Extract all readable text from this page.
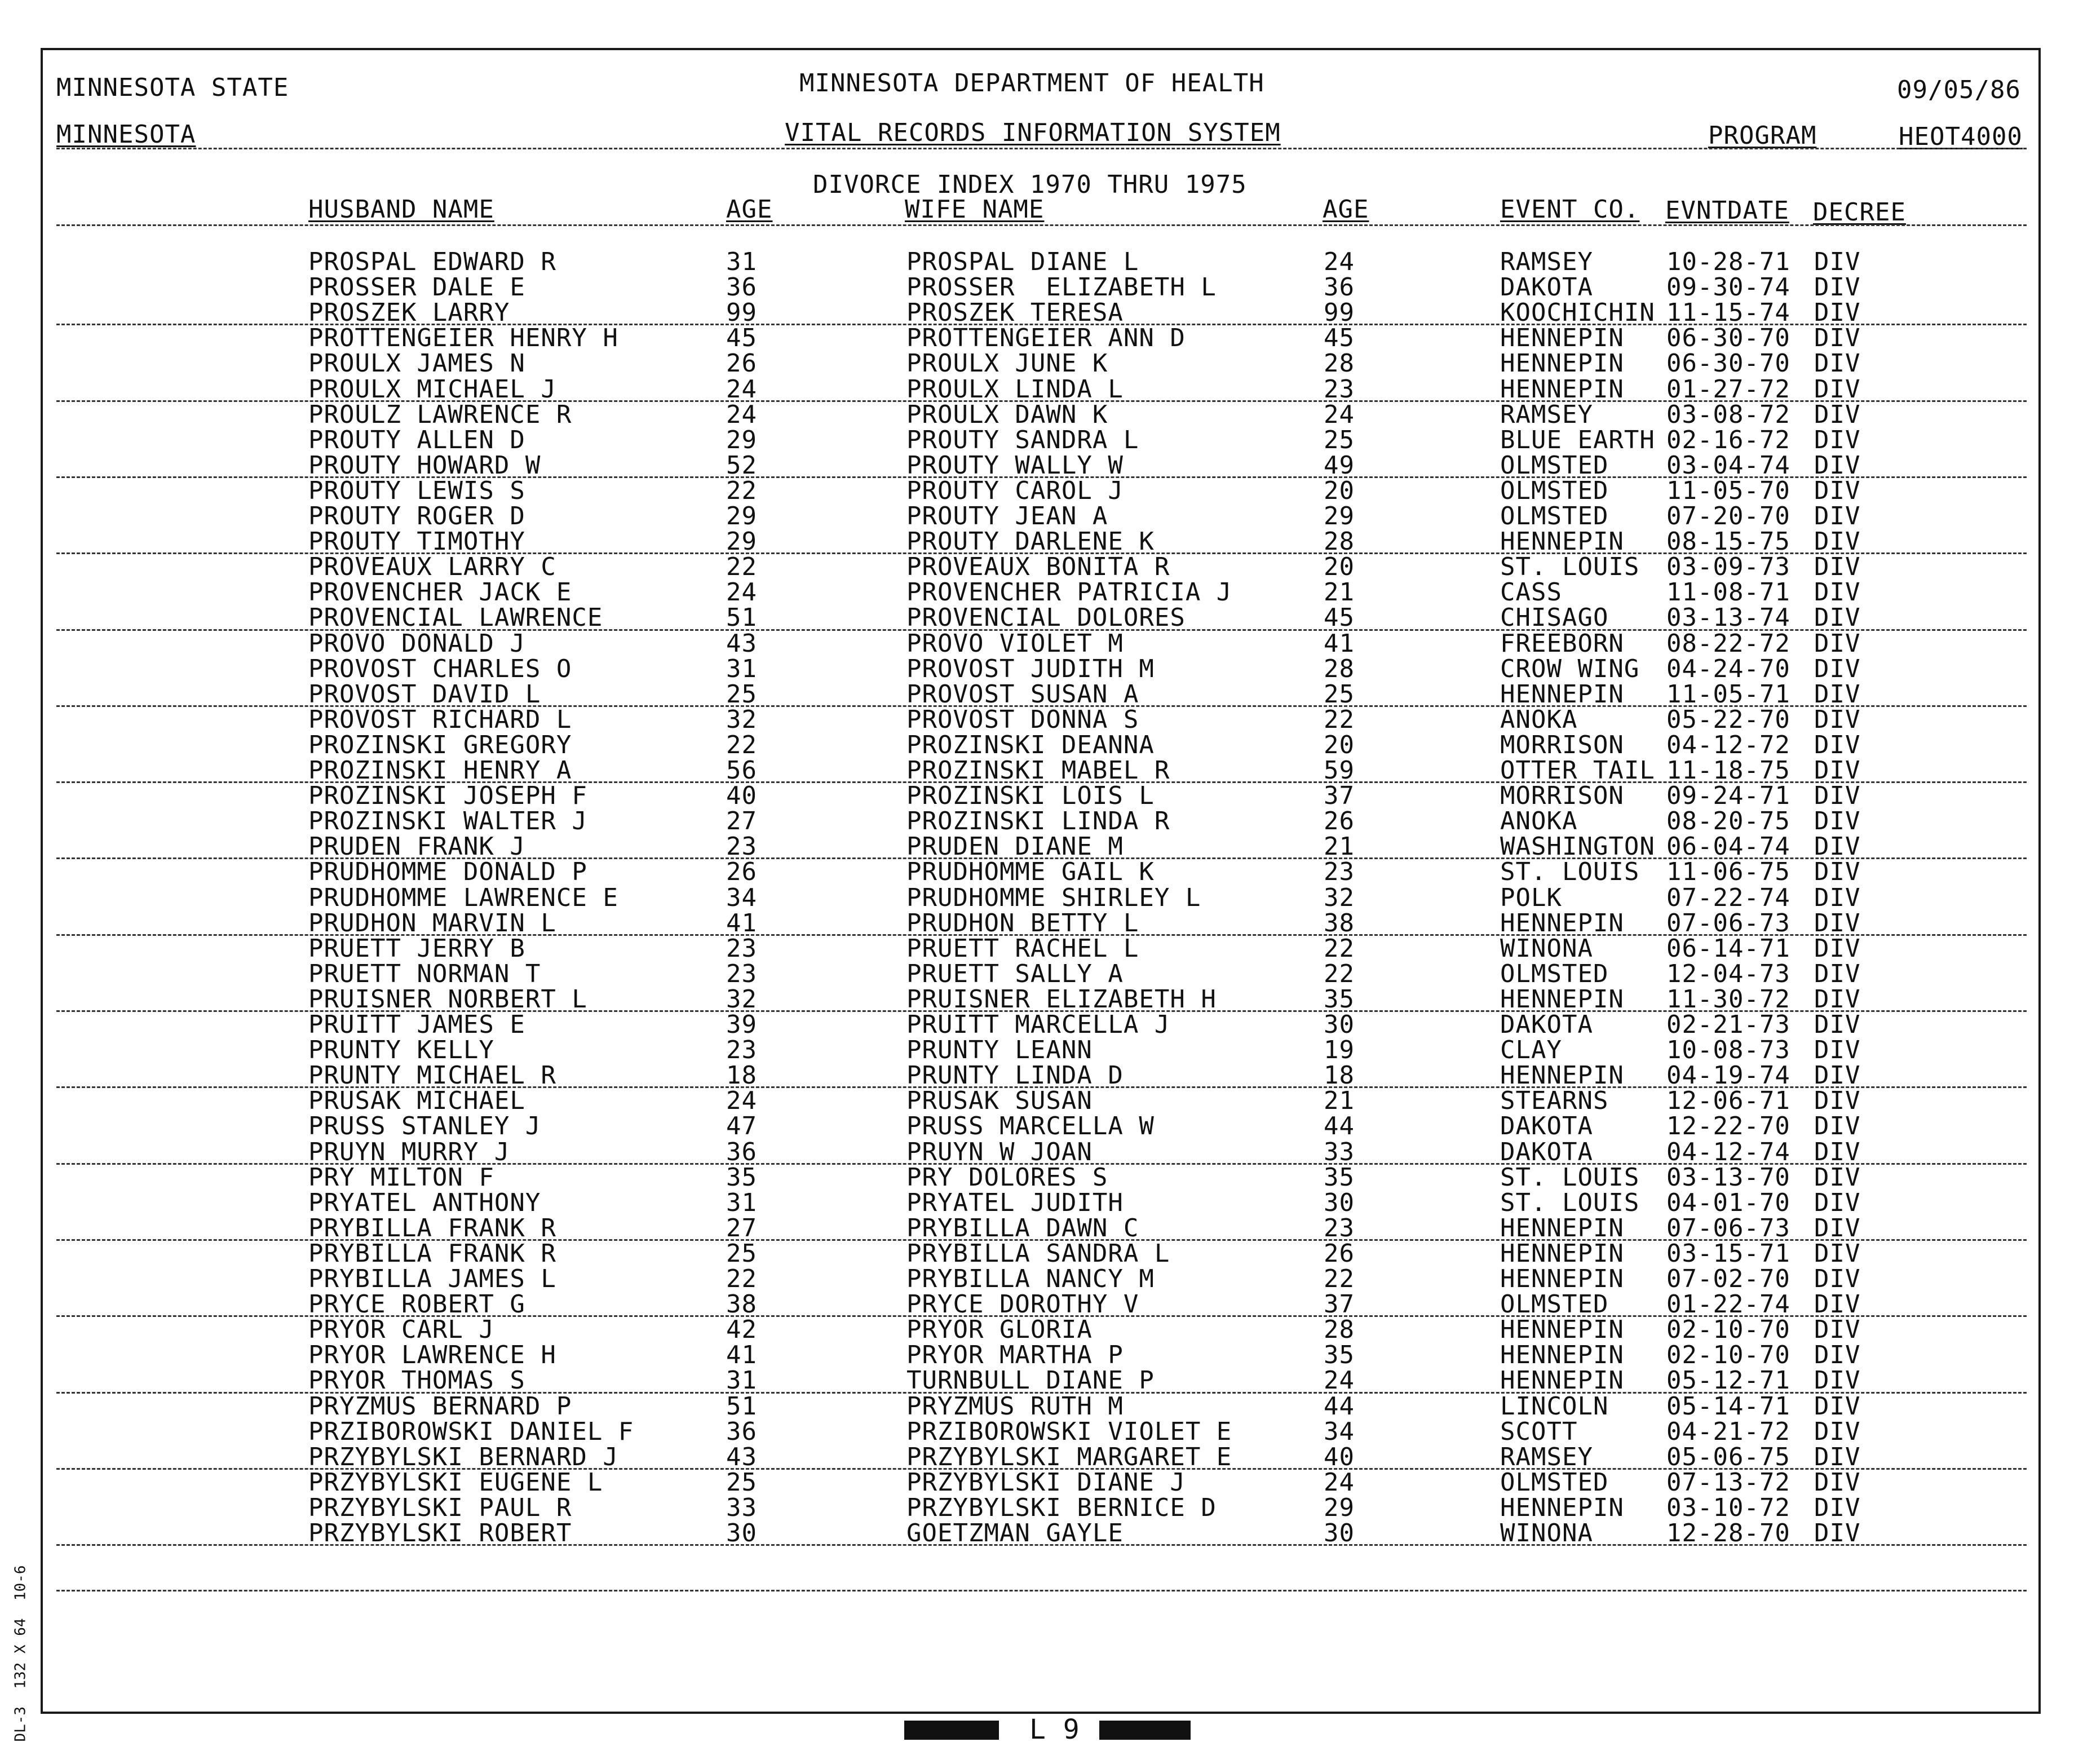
MINNESOTA STATE	MINNESOTA DEPARTMENT OF HEALTH	09/05/86
MINNESOTA	VITAL RECORDS INFORMATION SYSTEM	PROGRAM	HEOT4000
DIVORCE INDEX 1970 THRU 1975
HUSBAND NAME	AGE	WIFE NAME	AGE	EVENT CO. EVNTDATE DECREE
PROSPAL EDWARD R	31	PROSPAL DIANE L	24	RAMSEY	10-28-71 DIV
PROSSER DALE E	36	PROSSER  ELIZABETH L	36	DAKOTA	09-30-74 DIV
PROSZEK LARRY	99	PROSZEK TERESA	99	KOOCHICHIN 11-15-74 DIV
PROTTENGEIER HENRY H	45	PROTTENGEIER ANN D	45	HENNEPIN 06-30-70 DIV
PROULX JAMES N	26	PROULX JUNE K	28	HENNEPIN 06-30-70 DIV
PROULX MICHAEL J	24	PROULX LINDA L	23	HENNEPIN 01-27-72 DIV
PROULZ LAWRENCE R	24	PROULX DAWN K	24	RAMSEY	03-08-72 DIV
PROUTY ALLEN D	29	PROUTY SANDRA L	25	BLUE EARTH 02-16-72 DIV
PROUTY HOWARD W	52	PROUTY WALLY W	49	OLMSTED 03-04-74 DIV
PROUTY LEWIS S	22	PROUTY CAROL J	20	OLMSTED 11-05-70 DIV
PROUTY ROGER D	29	PROUTY JEAN A	29	OLMSTED 07-20-70 DIV
PROUTY TIMOTHY	29	PROUTY DARLENE K	28	HENNEPIN 08-15-75 DIV
PROVEAUX LARRY C	22	PROVEAUX BONITA R	20	ST. LOUIS 03-09-73 DIV
PROVENCHER JACK E	24	PROVENCHER PATRICIA J	21	CASS	11-08-71 DIV
PROVENCIAL LAWRENCE	51	PROVENCIAL DOLORES	45	CHISAGO 03-13-74 DIV
PROVO DONALD J	43	PROVO VIOLET M	41	FREEBORN 08-22-72 DIV
PROVOST CHARLES O	31	PROVOST JUDITH M	28	CROW WING 04-24-70 DIV
PROVOST DAVID L	25	PROVOST SUSAN A	25	HENNEPIN 11-05-71 DIV
PROVOST RICHARD L	32	PROVOST DONNA S	22	ANOKA	05-22-70 DIV
PROZINSKI GREGORY	22	PROZINSKI DEANNA	20	MORRISON 04-12-72 DIV
PROZINSKI HENRY A	56	PROZINSKI MABEL R	59	OTTER TAIL 11-18-75 DIV
PROZINSKI JOSEPH F	40	PROZINSKI LOIS L	37	MORRISON 09-24-71 DIV
PROZINSKI WALTER J	27	PROZINSKI LINDA R	26	ANOKA	08-20-75 DIV
PRUDEN FRANK J	23	PRUDEN DIANE M	21	WASHINGTON 06-04-74 DIV
PRUDHOMME DONALD P	26	PRUDHOMME GAIL K	23	ST. LOUIS 11-06-75 DIV
PRUDHOMME LAWRENCE E	34	PRUDHOMME SHIRLEY L	32	POLK	07-22-74 DIV
PRUDHON MARVIN L	41	PRUDHON BETTY L	38	HENNEPIN 07-06-73 DIV
PRUETT JERRY B	23	PRUETT RACHEL L	22	WINONA	06-14-71 DIV
PRUETT NORMAN T	23	PRUETT SALLY A	22	OLMSTED 12-04-73 DIV
PRUISNER NORBERT L	32	PRUISNER ELIZABETH H	35	HENNEPIN 11-30-72 DIV
PRUITT JAMES E	39	PRUITT MARCELLA J	30	DAKOTA	02-21-73 DIV
PRUNTY KELLY	23	PRUNTY LEANN	19	CLAY	10-08-73 DIV
PRUNTY MICHAEL R	18	PRUNTY LINDA D	18	HENNEPIN 04-19-74 DIV
PRUSAK MICHAEL	24	PRUSAK SUSAN	21	STEARNS 12-06-71 DIV
PRUSS STANLEY J	47	PRUSS MARCELLA W	44	DAKOTA	12-22-70 DIV
PRUYN MURRY J	36	PRUYN W JOAN	33	DAKOTA	04-12-74 DIV
PRY MILTON F	35	PRY DOLORES S	35	ST. LOUIS 03-13-70 DIV
PRYATEL ANTHONY	31	PRYATEL JUDITH	30	ST. LOUIS 04-01-70 DIV
PRYBILLA FRANK R	27	PRYBILLA DAWN C	23	HENNEPIN 07-06-73 DIV
PRYBILLA FRANK R	25	PRYBILLA SANDRA L	26	HENNEPIN 03-15-71 DIV
PRYBILLA JAMES L	22	PRYBILLA NANCY M	22	HENNEPIN 07-02-70 DIV
PRYCE ROBERT G	38	PRYCE DOROTHY V	37	OLMSTED 01-22-74 DIV
PRYOR CARL J	42	PRYOR GLORIA	28	HENNEPIN 02-10-70 DIV
PRYOR LAWRENCE H	41	PRYOR MARTHA P	35	HENNEPIN 02-10-70 DIV
PRYOR THOMAS S	31	TURNBULL DIANE P	24	HENNEPIN 05-12-71 DIV
PRYZMUS BERNARD P	51	PRYZMUS RUTH M	44	LINCOLN 05-14-71 DIV
PRZIBOROWSKI DANIEL F	36	PRZIBOROWSKI VIOLET E	34	SCOTT	04-21-72 DIV
PRZYBYLSKI BERNARD J	43	PRZYBYLSKI MARGARET E	40	RAMSEY	05-06-75 DIV
PRZYBYLSKI EUGENE L	25	PRZYBYLSKI DIANE J	24	OLMSTED 07-13-72 DIV
PRZYBYLSKI PAUL R	33	PRZYBYLSKI BERNICE D	29	HENNEPIN 03-10-72 DIV
PRZYBYLSKI ROBERT	30	GOETZMAN GAYLE	30	WINONA	12-28-70 DIV
L 9
DL-3  132 X 64  10-6
